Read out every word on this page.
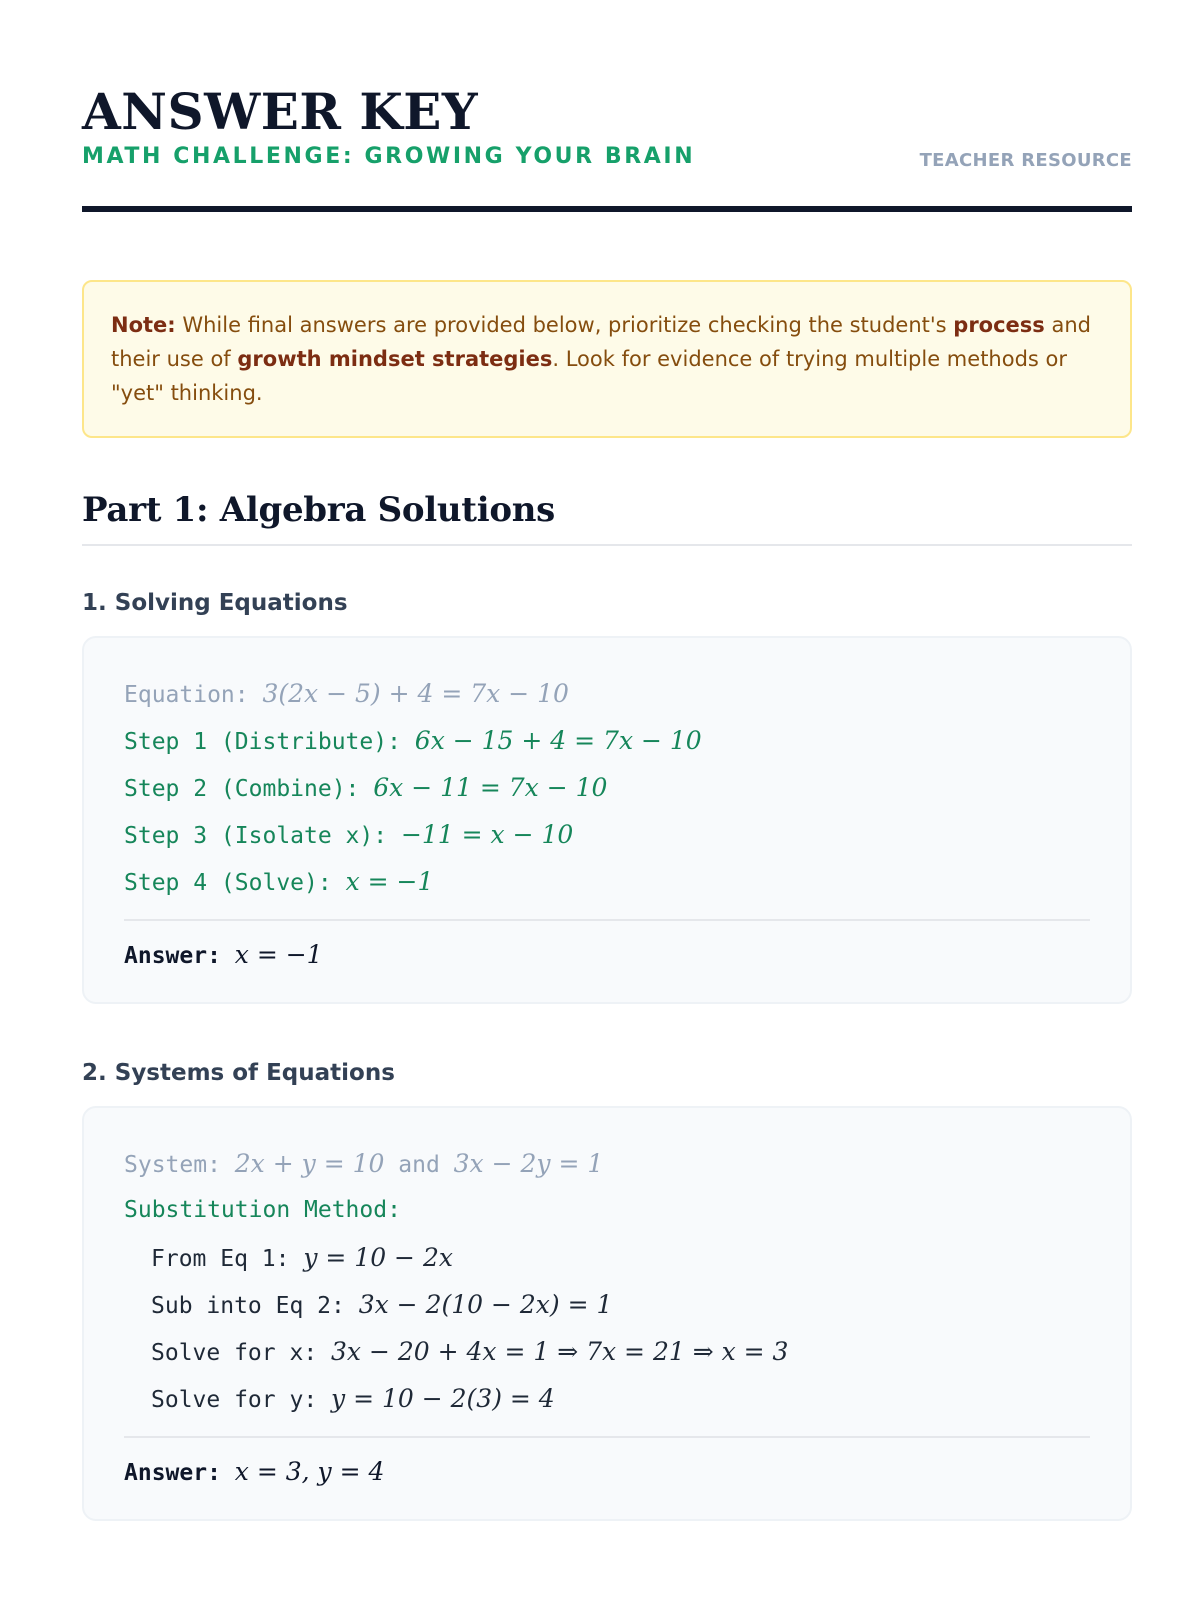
ANSWER KEY
MATH CHALLENGE: GROWING YOUR BRAIN	TEACHER RESOURCE
Note: While final answers are provided below, prioritize checking the student's process and their use of growth mindset strategies. Look for evidence of trying multiple methods or "yet" thinking.
Part 1: Algebra Solutions
1. Solving Equations
Equation: 3(2x − 5) + 4 = 7x − 10
Step 1 (Distribute): 6x − 15 + 4 = 7x − 10
Step 2 (Combine): 6x − 11 = 7x − 10
Step 3 (Isolate x): −11 = x − 10
Step 4 (Solve): x = −1
Answer: x = −1
2. Systems of Equations
System: 2x + y = 10 and 3x − 2y = 1
Substitution Method:
From Eq 1: y = 10 − 2x
Sub into Eq 2: 3x − 2(10 − 2x) = 1
Solve for x: 3x − 20 + 4x = 1 ⇒ 7x = 21 ⇒ x = 3
Solve for y: y = 10 − 2(3) = 4
Answer: x = 3, y = 4
